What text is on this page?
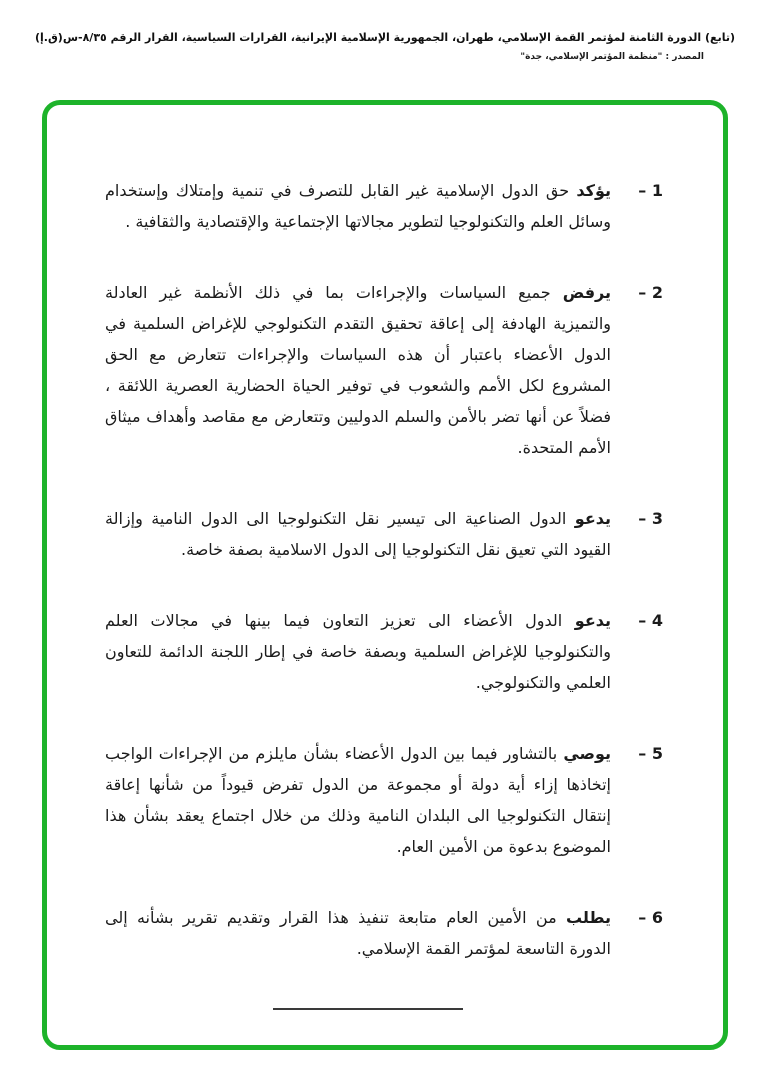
(تابع) الدورة الثامنة لمؤتمر القمة الإسلامي، طهران، الجمهورية الإسلامية الإيرانية، القرارات السياسية، القرار الرقم ٨/٣٥-س(ق.إ)
المصدر : "منظمة المؤتمر الإسلامي، جدة"
– 1

يؤكد حق الدول الإسلامية غير القابل للتصرف في تنمية وإمتلاك وإستخدام وسائل العلم والتكنولوجيا لتطوير مجالاتها الإجتماعية والإقتصادية والثقافية .

– 2

يرفض جميع السياسات والإجراءات بما في ذلك الأنظمة غير العادلة والتميزية الهادفة إلى إعاقة تحقيق التقدم التكنولوجي للإغراض السلمية في الدول الأعضاء باعتبار أن هذه السياسات والإجراءات تتعارض مع الحق المشروع لكل الأمم والشعوب في توفير الحياة الحضارية العصرية اللائقة ، فضلاً عن أنها تضر بالأمن والسلم الدوليين وتتعارض مع مقاصد وأهداف ميثاق الأمم المتحدة.

– 3

يدعو الدول الصناعية الى تيسير نقل التكنولوجيا الى الدول النامية وإزالة القيود التي تعيق نقل التكنولوجيا إلى الدول الاسلامية بصفة خاصة.

– 4

يدعو الدول الأعضاء الى تعزيز التعاون فيما بينها في مجالات العلم والتكنولوجيا للإغراض السلمية وبصفة خاصة في إطار اللجنة الدائمة للتعاون العلمي والتكنولوجي.

– 5

يوصي بالتشاور فيما بين الدول الأعضاء بشأن مايلزم من الإجراءات الواجب إتخاذها إزاء أية دولة أو مجموعة من الدول تفرض قيوداً من شأنها إعاقة إنتقال التكنولوجيا الى البلدان النامية وذلك من خلال اجتماع يعقد بشأن هذا الموضوع بدعوة من الأمين العام.

– 6

يطلب من الأمين العام متابعة تنفيذ هذا القرار وتقديم تقرير بشأنه إلى الدورة التاسعة لمؤتمر القمة الإسلامي.
